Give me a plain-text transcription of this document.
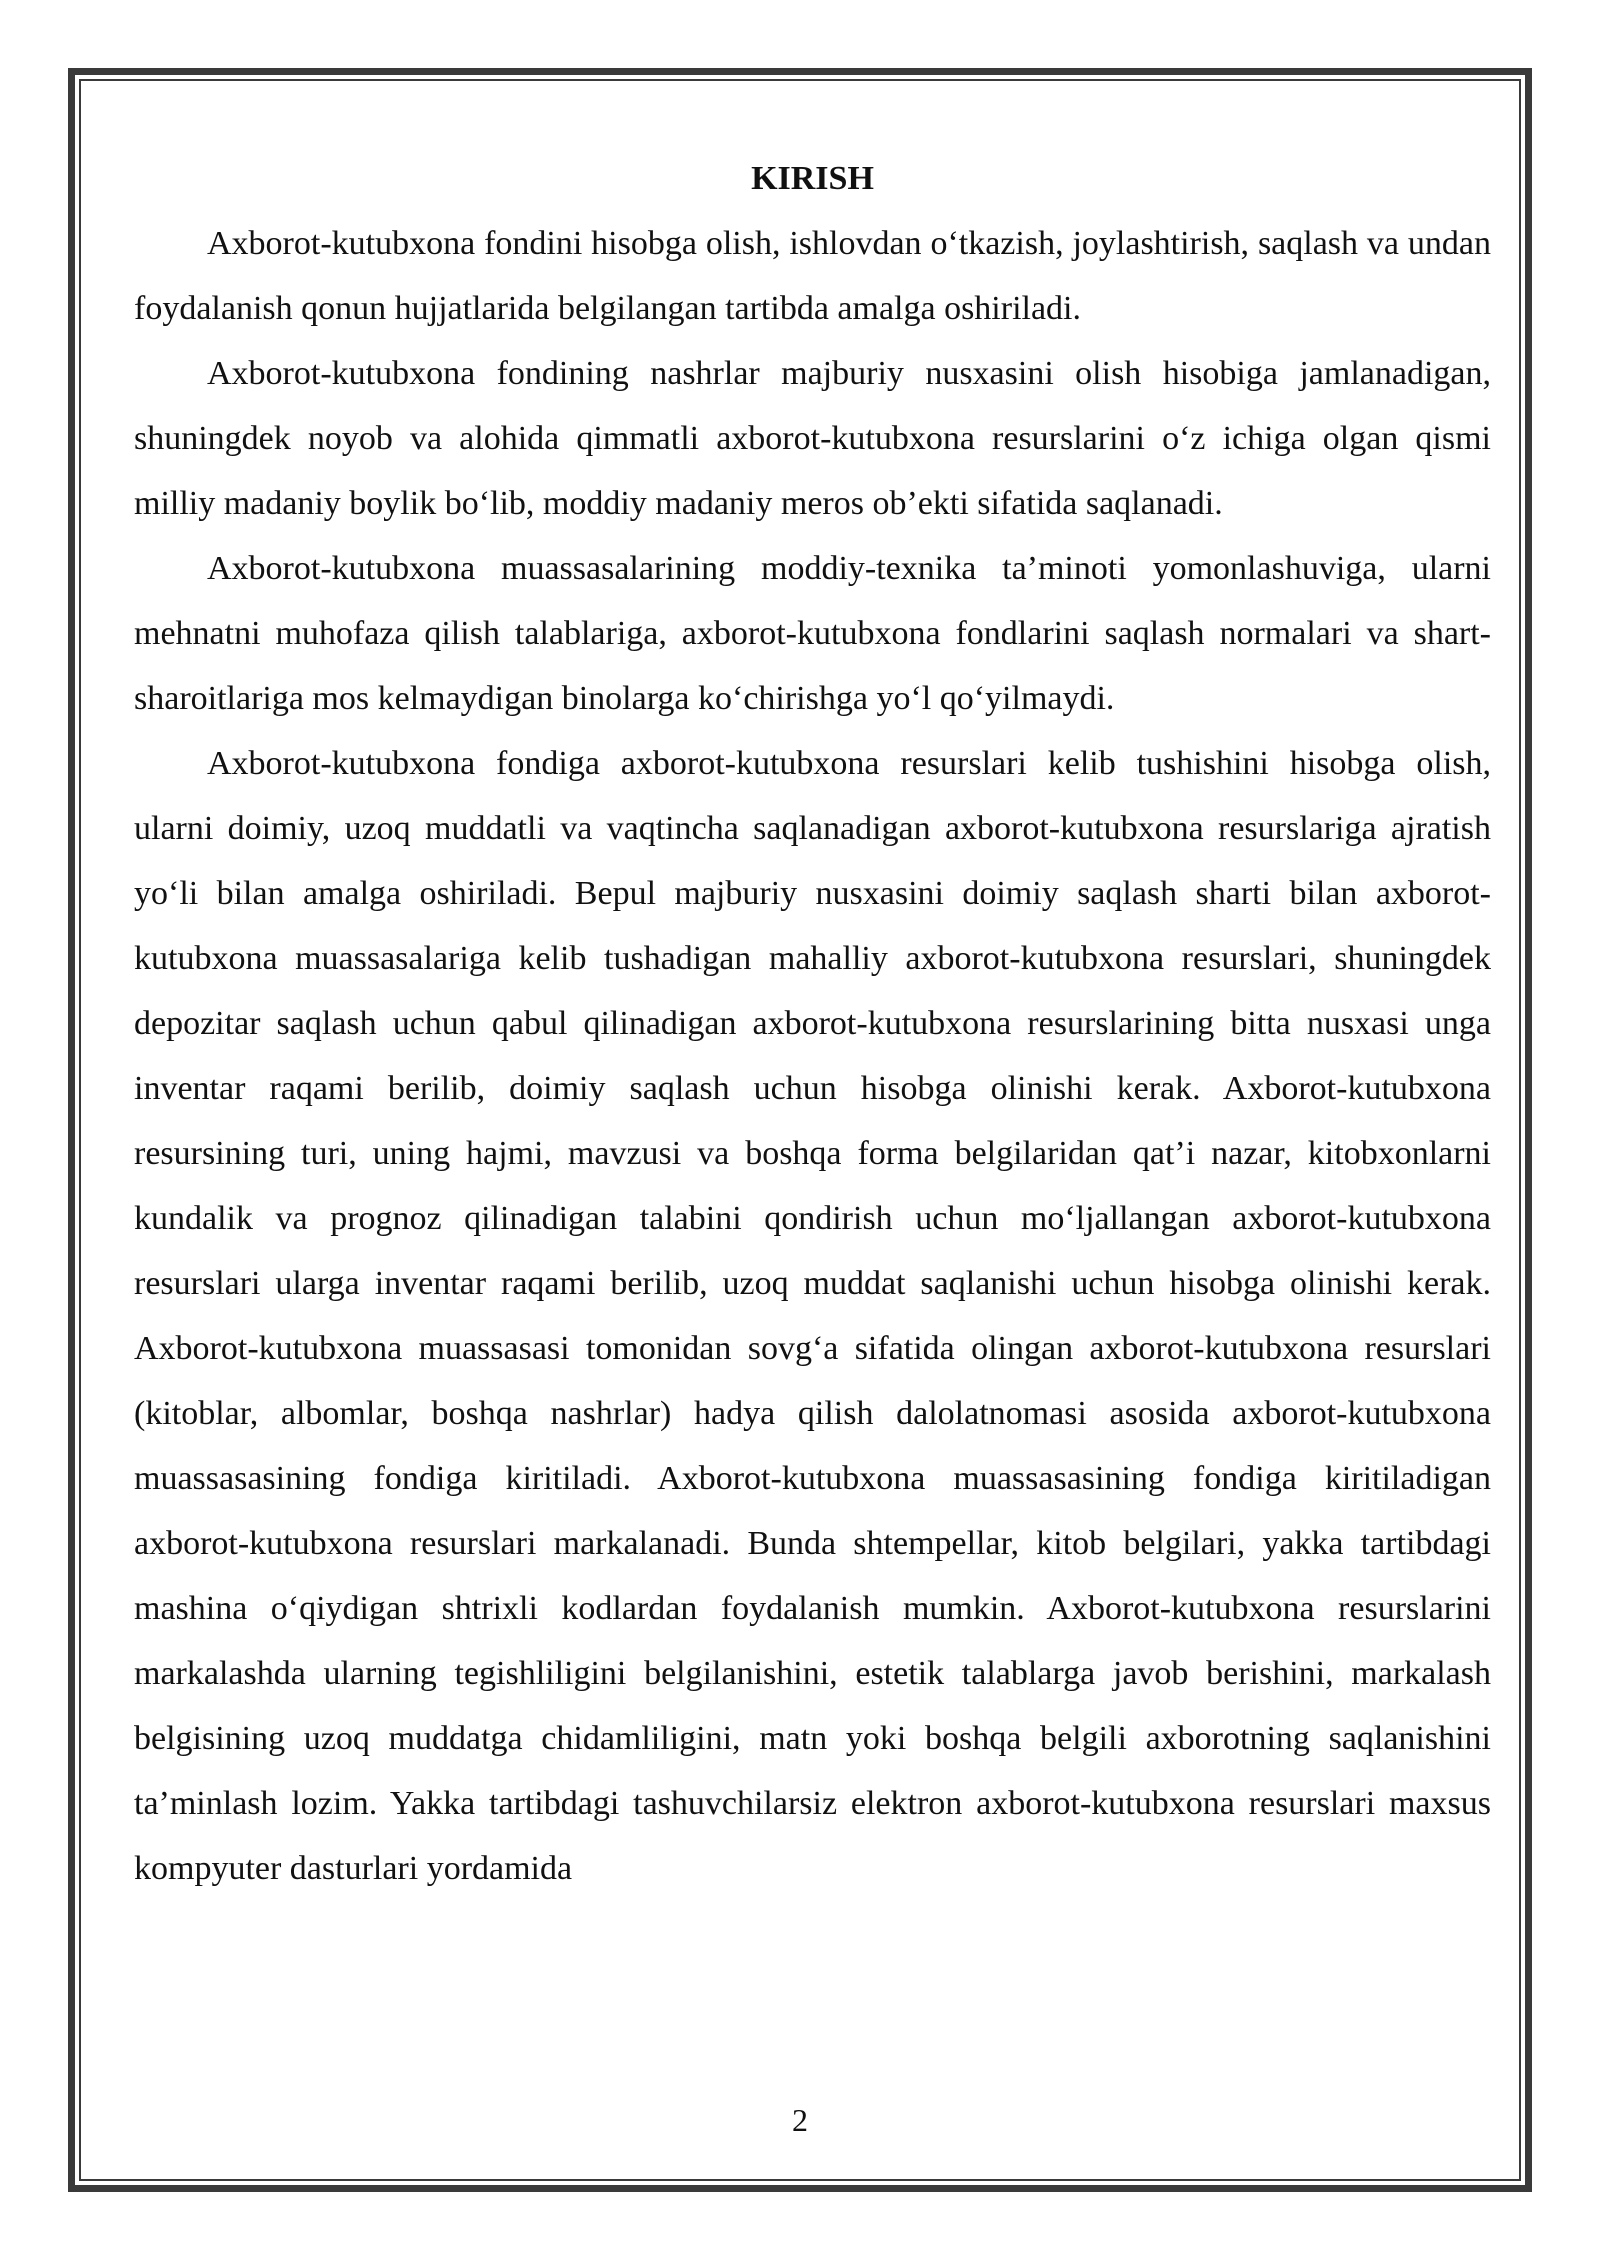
KIRISH

Axborot-kutubxona fondini hisobga olish, ishlovdan o‘tkazish, joylashtirish, saqlash va undan foydalanish qonun hujjatlarida belgilangan tartibda amalga oshiriladi.

Axborot-kutubxona fondining nashrlar majburiy nusxasini olish hisobiga jamlanadigan, shuningdek noyob va alohida qimmatli axborot-kutubxona resurslarini o‘z ichiga olgan qismi milliy madaniy boylik bo‘lib, moddiy madaniy meros ob’ekti sifatida saqlanadi.

Axborot-kutubxona muassasalarining moddiy-texnika ta’minoti yomonlashuviga, ularni mehnatni muhofaza qilish talablariga, axborot-kutubxona fondlarini saqlash normalari va shart-sharoitlariga mos kelmaydigan binolarga ko‘chirishga yo‘l qo‘yilmaydi.

Axborot-kutubxona fondiga axborot-kutubxona resurslari kelib tushishini hisobga olish, ularni doimiy, uzoq muddatli va vaqtincha saqlanadigan axborot-kutubxona resurslariga ajratish yo‘li bilan amalga oshiriladi. Bepul majburiy nusxasini doimiy saqlash sharti bilan axborot-kutubxona muassasalariga kelib tushadigan mahalliy axborot-kutubxona resurslari, shuningdek depozitar saqlash uchun qabul qilinadigan axborot-kutubxona resurslarining bitta nusxasi unga inventar raqami berilib, doimiy saqlash uchun hisobga olinishi kerak. Axborot-kutubxona resursining turi, uning hajmi, mavzusi va boshqa forma belgilaridan qat’i nazar, kitobxonlarni kundalik va prognoz qilinadigan talabini qondirish uchun mo‘ljallangan axborot-kutubxona resurslari ularga inventar raqami berilib, uzoq muddat saqlanishi uchun hisobga olinishi kerak. Axborot-kutubxona muassasasi tomonidan sovg‘a sifatida olingan axborot-kutubxona resurslari (kitoblar, albomlar, boshqa nashrlar) hadya qilish dalolatnomasi asosida axborot-kutubxona muassasasining fondiga kiritiladi. Axborot-kutubxona muassasasining fondiga kiritiladigan axborot-kutubxona resurslari markalanadi. Bunda shtempellar, kitob belgilari, yakka tartibdagi mashina o‘qiydigan shtrixli kodlardan foydalanish mumkin. Axborot-kutubxona resurslarini markalashda ularning tegishliligini belgilanishini, estetik talablarga javob berishini, markalash belgisining uzoq muddatga chidamliligini, matn yoki boshqa belgili axborotning saqlanishini ta’minlash lozim. Yakka tartibdagi tashuvchilarsiz elektron axborot-kutubxona resurslari maxsus kompyuter dasturlari yordamida

2
